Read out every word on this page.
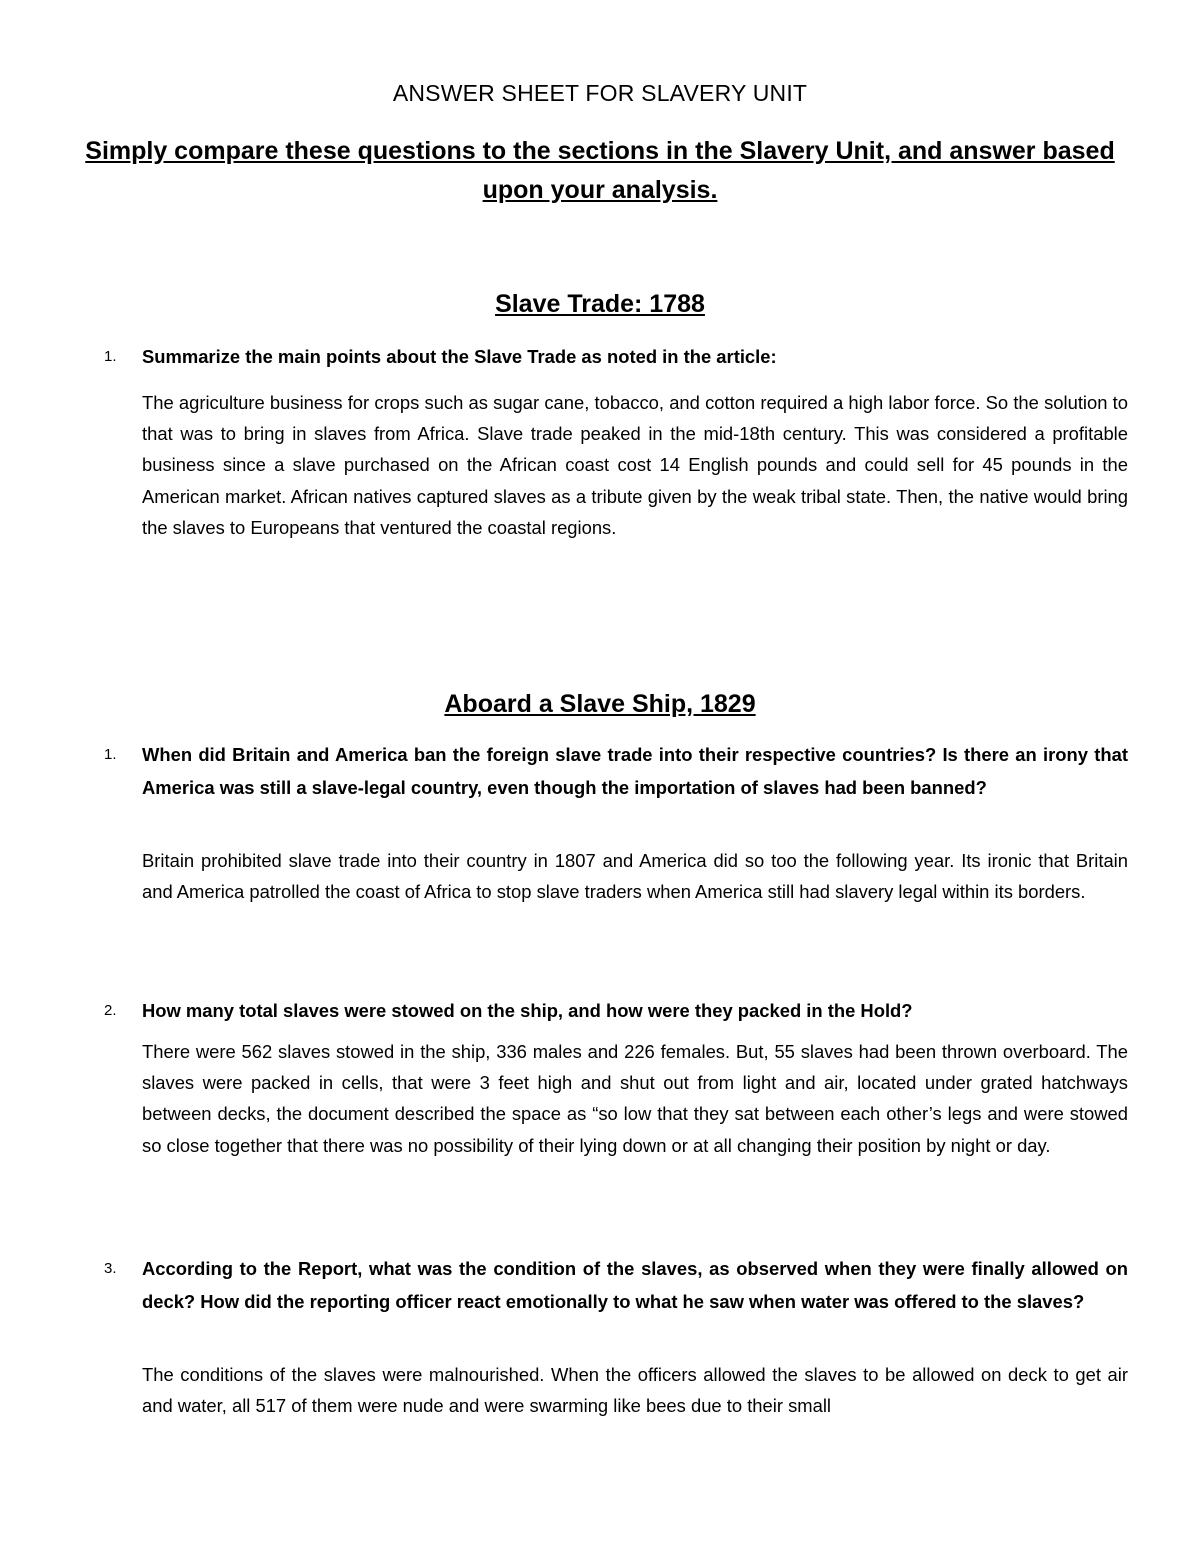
ANSWER SHEET FOR SLAVERY UNIT
Simply compare these questions to the sections in the Slavery Unit, and answer based upon your analysis.
Slave Trade: 1788
1.	Summarize the main points about the Slave Trade as noted in the article:
The agriculture business for crops such as sugar cane, tobacco, and cotton required a high labor force. So the solution to that was to bring in slaves from Africa. Slave trade peaked in the mid-18th century. This was considered a profitable business since a slave purchased on the African coast cost 14 English pounds and could sell for 45 pounds in the American market. African natives captured slaves as a tribute given by the weak tribal state. Then, the native would bring the slaves to Europeans that ventured the coastal regions.
Aboard a Slave Ship, 1829
1.	When did Britain and America ban the foreign slave trade into their respective countries? Is there an irony that America was still a slave-legal country, even though the importation of slaves had been banned?
Britain prohibited slave trade into their country in 1807 and America did so too the following year. Its ironic that Britain and America patrolled the coast of Africa to stop slave traders when America still had slavery legal within its borders.
2.	How many total slaves were stowed on the ship, and how were they packed in the Hold?
There were 562 slaves stowed in the ship, 336 males and 226 females. But, 55 slaves had been thrown overboard. The slaves were packed in cells, that were 3 feet high and shut out from light and air, located under grated hatchways between decks, the document described the space as “so low that they sat between each other’s legs and were stowed so close together that there was no possibility of their lying down or at all changing their position by night or day.
3.	According to the Report, what was the condition of the slaves, as observed when they were finally allowed on deck? How did the reporting officer react emotionally to what he saw when water was offered to the slaves?
The conditions of the slaves were malnourished. When the officers allowed the slaves to be allowed on deck to get air and water, all 517 of them were nude and were swarming like bees due to their small
